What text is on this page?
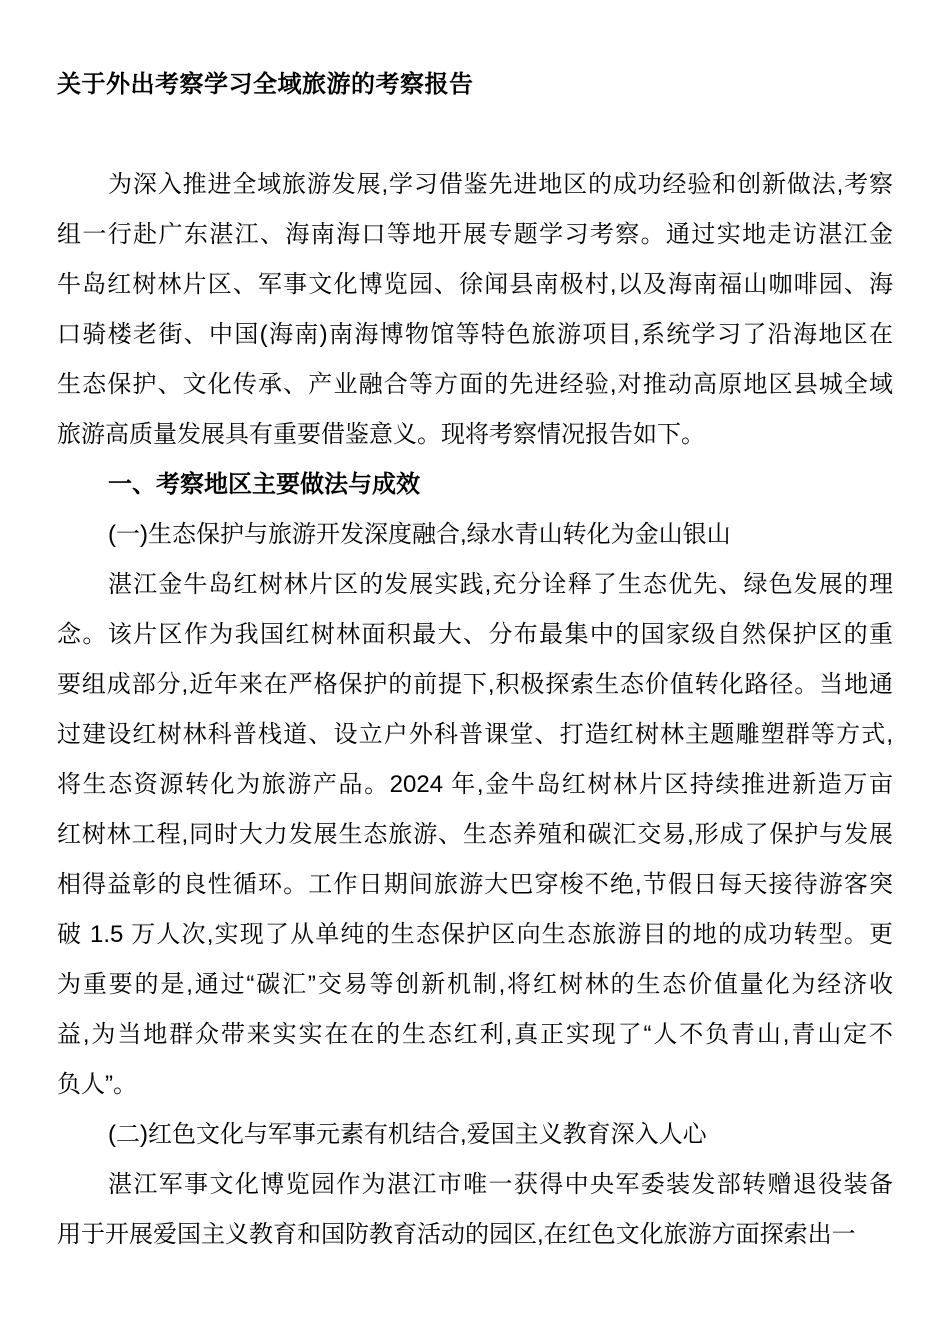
关于外出考察学习全域旅游的考察报告
为深入推进全域旅游发展,学习借鉴先进地区的成功经验和创新做法,考察
组一行赴广东湛江、海南海口等地开展专题学习考察。通过实地走访湛江金
牛岛红树林片区、军事文化博览园、徐闻县南极村,以及海南福山咖啡园、海
口骑楼老街、中国(海南)南海博物馆等特色旅游项目,系统学习了沿海地区在
生态保护、文化传承、产业融合等方面的先进经验,对推动高原地区县城全域
旅游高质量发展具有重要借鉴意义。现将考察情况报告如下。
一、考察地区主要做法与成效
(一)生态保护与旅游开发深度融合,绿水青山转化为金山银山
湛江金牛岛红树林片区的发展实践,充分诠释了生态优先、绿色发展的理
念。该片区作为我国红树林面积最大、分布最集中的国家级自然保护区的重
要组成部分,近年来在严格保护的前提下,积极探索生态价值转化路径。当地通
过建设红树林科普栈道、设立户外科普课堂、打造红树林主题雕塑群等方式,
将生态资源转化为旅游产品。2024 年,金牛岛红树林片区持续推进新造万亩
红树林工程,同时大力发展生态旅游、生态养殖和碳汇交易,形成了保护与发展
相得益彰的良性循环。工作日期间旅游大巴穿梭不绝,节假日每天接待游客突
破 1.5 万人次,实现了从单纯的生态保护区向生态旅游目的地的成功转型。更
为重要的是,通过“碳汇”交易等创新机制,将红树林的生态价值量化为经济收
益,为当地群众带来实实在在的生态红利,真正实现了“人不负青山,青山定不
负人”。
(二)红色文化与军事元素有机结合,爱国主义教育深入人心
湛江军事文化博览园作为湛江市唯一获得中央军委装发部转赠退役装备
用于开展爱国主义教育和国防教育活动的园区,在红色文化旅游方面探索出一
